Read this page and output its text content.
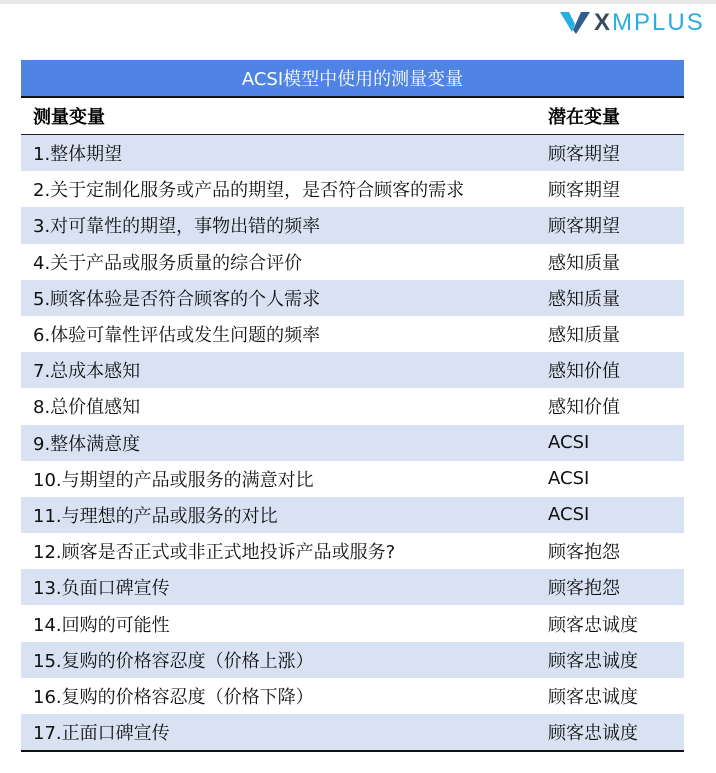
XMPLUS
ACSI模型中使用的测量变量
测量变量	潜在变量
1.整体期望	顾客期望
2.关于定制化服务或产品的期望，是否符合顾客的需求	顾客期望
3.对可靠性的期望，事物出错的频率	顾客期望
4.关于产品或服务质量的综合评价	感知质量
5.顾客体验是否符合顾客的个人需求	感知质量
6.体验可靠性评估或发生问题的频率	感知质量
7.总成本感知	感知价值
8.总价值感知	感知价值
9.整体满意度	ACSI
10.与期望的产品或服务的满意对比	ACSI
11.与理想的产品或服务的对比	ACSI
12.顾客是否正式或非正式地投诉产品或服务?	顾客抱怨
13.负面口碑宣传	顾客抱怨
14.回购的可能性	顾客忠诚度
15.复购的价格容忍度（价格上涨）	顾客忠诚度
16.复购的价格容忍度（价格下降）	顾客忠诚度
17.正面口碑宣传	顾客忠诚度
